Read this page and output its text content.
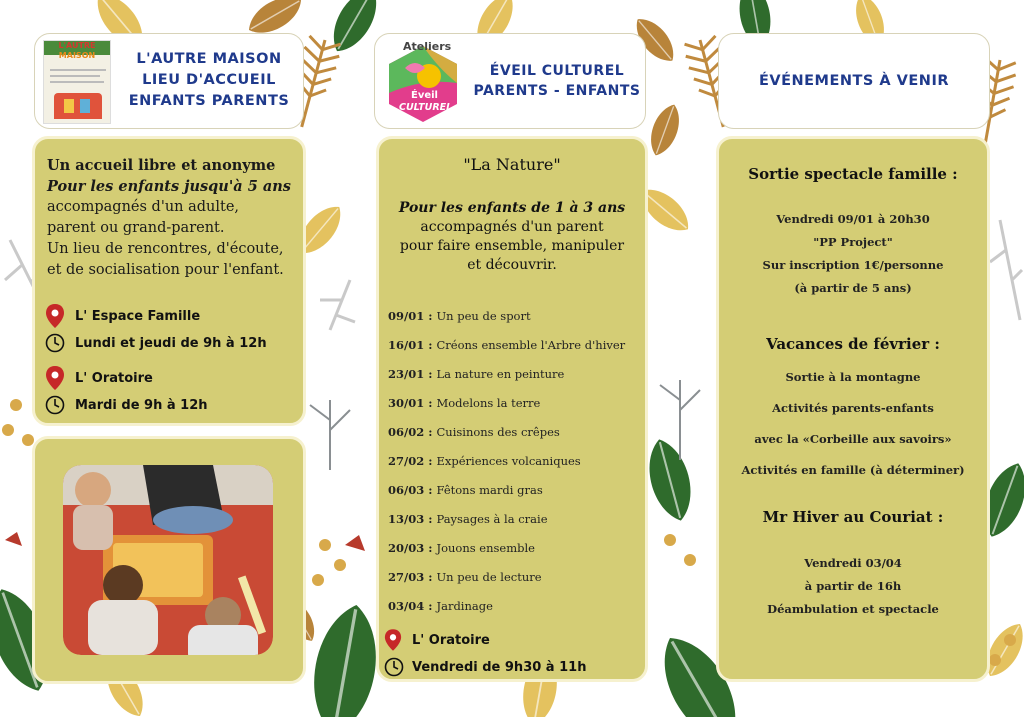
L'AUTRE
MAISON	L'AUTRE MAISON
LIEU D'ACCUEIL
ENFANTS PARENTS
Un accueil libre et anonyme
Pour les enfants jusqu'à 5 ans
accompagnés d'un adulte,
parent ou grand-parent.
Un lieu de rencontres, d'écoute,
et de socialisation pour l'enfant.
L' Espace Famille
Lundi et jeudi de 9h à 12h
L' Oratoire
Mardi de 9h à 12h
Ateliers
Éveil
CULTUREL
ÉVEIL CULTUREL
PARENTS - ENFANTS
"La Nature"
Pour les enfants de 1 à 3 ans
accompagnés d'un parent
pour faire ensemble, manipuler
et découvrir.
09/01 : Un peu de sport
16/01 : Créons ensemble l'Arbre d'hiver
23/01 : La nature en peinture
30/01 : Modelons la terre
06/02 : Cuisinons des crêpes
27/02 : Expériences volcaniques
06/03 : Fêtons mardi gras
13/03 : Paysages à la craie
20/03 : Jouons ensemble
27/03 : Un peu de lecture
03/04 : Jardinage
L' Oratoire
Vendredi de 9h30 à 11h
ÉVÉNEMENTS À VENIR
Sortie spectacle famille :
Vendredi 09/01 à 20h30
"PP Project"
Sur inscription 1€/personne
(à partir de 5 ans)
Vacances de février :
Sortie à la montagne
Activités parents-enfants
avec la «Corbeille aux savoirs»
Activités en famille (à déterminer)
Mr Hiver au Couriat :
Vendredi 03/04
à partir de 16h
Déambulation et spectacle
